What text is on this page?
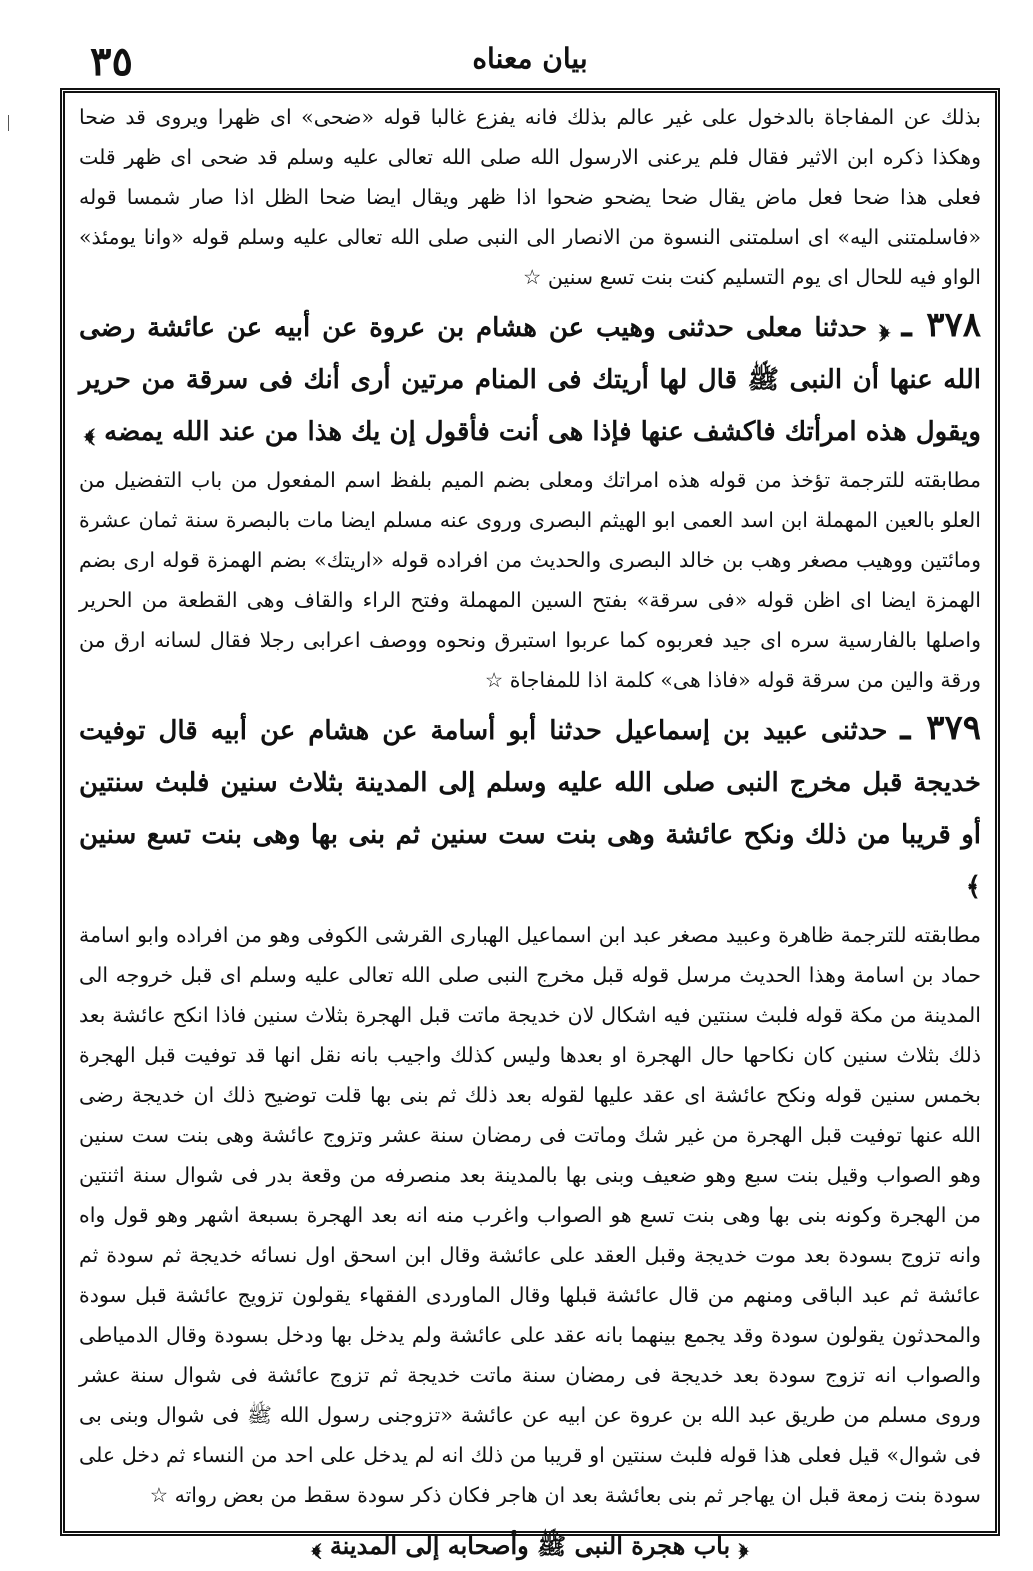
٣٥	بيان معناه

بذلك عن المفاجاة بالدخول على غير عالم بذلك فانه يفزع غالبا قوله «ضحى» اى ظهرا ويروى قد ضحا وهكذا ذكره ابن الاثير فقال فلم يرعنى الارسول الله صلى الله تعالى عليه وسلم قد ضحى اى ظهر قلت فعلى هذا ضحا فعل ماض يقال ضحا يضحو ضحوا اذا ظهر ويقال ايضا ضحا الظل اذا صار شمسا قوله «فاسلمتنى اليه» اى اسلمتنى النسوة من الانصار الى النبى صلى الله تعالى عليه وسلم قوله «وانا يومئذ» الواو فيه للحال اى يوم التسليم كنت بنت تسع سنين ☆

٣٧٨ ـ ﴿ حدثنا معلى حدثنى وهيب عن هشام بن عروة عن أبيه عن عائشة رضى الله عنها أن النبى ﷺ قال لها أريتك فى المنام مرتين أرى أنك فى سرقة من حرير ويقول هذه امرأتك فاكشف عنها فإذا هى أنت فأقول إن يك هذا من عند الله يمضه ﴾

مطابقته للترجمة تؤخذ من قوله هذه امراتك ومعلى بضم الميم بلفظ اسم المفعول من باب التفضيل من العلو بالعين المهملة ابن اسد العمى ابو الهيثم البصرى وروى عنه مسلم ايضا مات بالبصرة سنة ثمان عشرة ومائتين ووهيب مصغر وهب بن خالد البصرى والحديث من افراده قوله «اريتك» بضم الهمزة قوله ارى بضم الهمزة ايضا اى اظن قوله «فى سرقة» بفتح السين المهملة وفتح الراء والقاف وهى القطعة من الحرير واصلها بالفارسية سره اى جيد فعربوه كما عربوا استبرق ونحوه ووصف اعرابى رجلا فقال لسانه ارق من ورقة والين من سرقة قوله «فاذا هى» كلمة اذا للمفاجاة ☆

٣٧٩ ـ حدثنى عبيد بن إسماعيل حدثنا أبو أسامة عن هشام عن أبيه قال توفيت خديجة قبل مخرج النبى صلى الله عليه وسلم إلى المدينة بثلاث سنين فلبث سنتين أو قريبا من ذلك ونكح عائشة وهى بنت ست سنين ثم بنى بها وهى بنت تسع سنين ﴾

مطابقته للترجمة ظاهرة وعبيد مصغر عبد ابن اسماعيل الهبارى القرشى الكوفى وهو من افراده وابو اسامة حماد بن اسامة وهذا الحديث مرسل قوله قبل مخرج النبى صلى الله تعالى عليه وسلم اى قبل خروجه الى المدينة من مكة قوله فلبث سنتين فيه اشكال لان خديجة ماتت قبل الهجرة بثلاث سنين فاذا انكح عائشة بعد ذلك بثلاث سنين كان نكاحها حال الهجرة او بعدها وليس كذلك واجيب بانه نقل انها قد توفيت قبل الهجرة بخمس سنين قوله ونكح عائشة اى عقد عليها لقوله بعد ذلك ثم بنى بها قلت توضيح ذلك ان خديجة رضى الله عنها توفيت قبل الهجرة من غير شك وماتت فى رمضان سنة عشر وتزوج عائشة وهى بنت ست سنين وهو الصواب وقيل بنت سبع وهو ضعيف وبنى بها بالمدينة بعد منصرفه من وقعة بدر فى شوال سنة اثنتين من الهجرة وكونه بنى بها وهى بنت تسع هو الصواب واغرب منه انه بعد الهجرة بسبعة اشهر وهو قول واه وانه تزوج بسودة بعد موت خديجة وقبل العقد على عائشة وقال ابن اسحق اول نسائه خديجة ثم سودة ثم عائشة ثم عبد الباقى ومنهم من قال عائشة قبلها وقال الماوردى الفقهاء يقولون تزويج عائشة قبل سودة والمحدثون يقولون سودة وقد يجمع بينهما بانه عقد على عائشة ولم يدخل بها ودخل بسودة وقال الدمياطى والصواب انه تزوج سودة بعد خديجة فى رمضان سنة ماتت خديجة ثم تزوج عائشة فى شوال سنة عشر وروى مسلم من طريق عبد الله بن عروة عن ابيه عن عائشة «تزوجنى رسول الله ﷺ فى شوال وبنى بى فى شوال» قيل فعلى هذا قوله فلبث سنتين او قريبا من ذلك انه لم يدخل على احد من النساء ثم دخل على سودة بنت زمعة قبل ان يهاجر ثم بنى بعائشة بعد ان هاجر فكان ذكر سودة سقط من بعض رواته ☆

﴿ باب هجرة النبى ﷺ وأصحابه إلى المدينة ﴾
